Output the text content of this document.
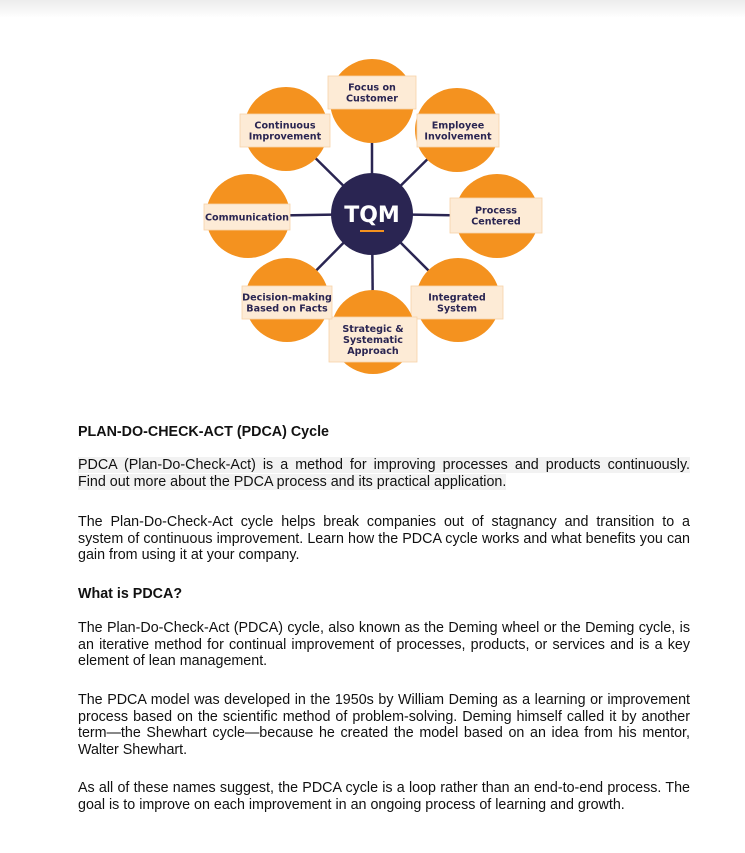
Focus on
Customer
Employee
Involvement
Process
Centered
Integrated
System
Strategic &
Systematic
Approach
Decision-making
Based on Facts
Communication
Continuous
Improvement
TQM
PLAN-DO-CHECK-ACT (PDCA) Cycle

PDCA (Plan-Do-Check-Act) is a method for improving processes and products continuously. Find out more about the PDCA process and its practical application.

The Plan-Do-Check-Act cycle helps break companies out of stagnancy and transition to a system of continuous improvement. Learn how the PDCA cycle works and what benefits you can gain from using it at your company.

What is PDCA?

The Plan-Do-Check-Act (PDCA) cycle, also known as the Deming wheel or the Deming cycle, is an iterative method for continual improvement of processes, products, or services and is a key element of lean management.

The PDCA model was developed in the 1950s by William Deming as a learning or improvement process based on the scientific method of problem-solving. Deming himself called it by another term—the Shewhart cycle—because he created the model based on an idea from his mentor, Walter Shewhart.

As all of these names suggest, the PDCA cycle is a loop rather than an end-to-end process. The goal is to improve on each improvement in an ongoing process of learning and growth.
